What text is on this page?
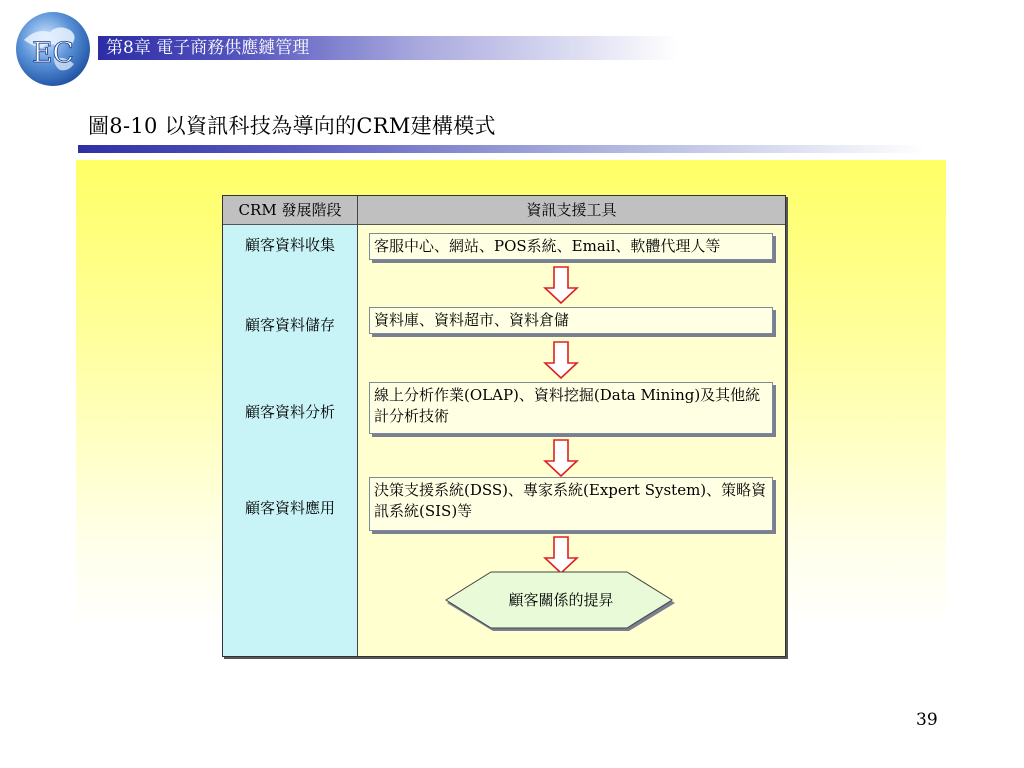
EC 第8章 電子商務供應鏈管理
圖8-10 以資訊科技為導向的CRM建構模式
CRM 發展階段	資訊支援工具
顧客資料收集
顧客資料儲存
顧客資料分析
顧客資料應用
客服中心、網站、POS系統、Email、軟體代理人等
資料庫、資料超市、資料倉儲
線上分析作業(OLAP)、資料挖掘(Data Mining)及其他統計分析技術
決策支援系統(DSS)、專家系統(Expert System)、策略資訊系統(SIS)等
顧客關係的提昇
39
